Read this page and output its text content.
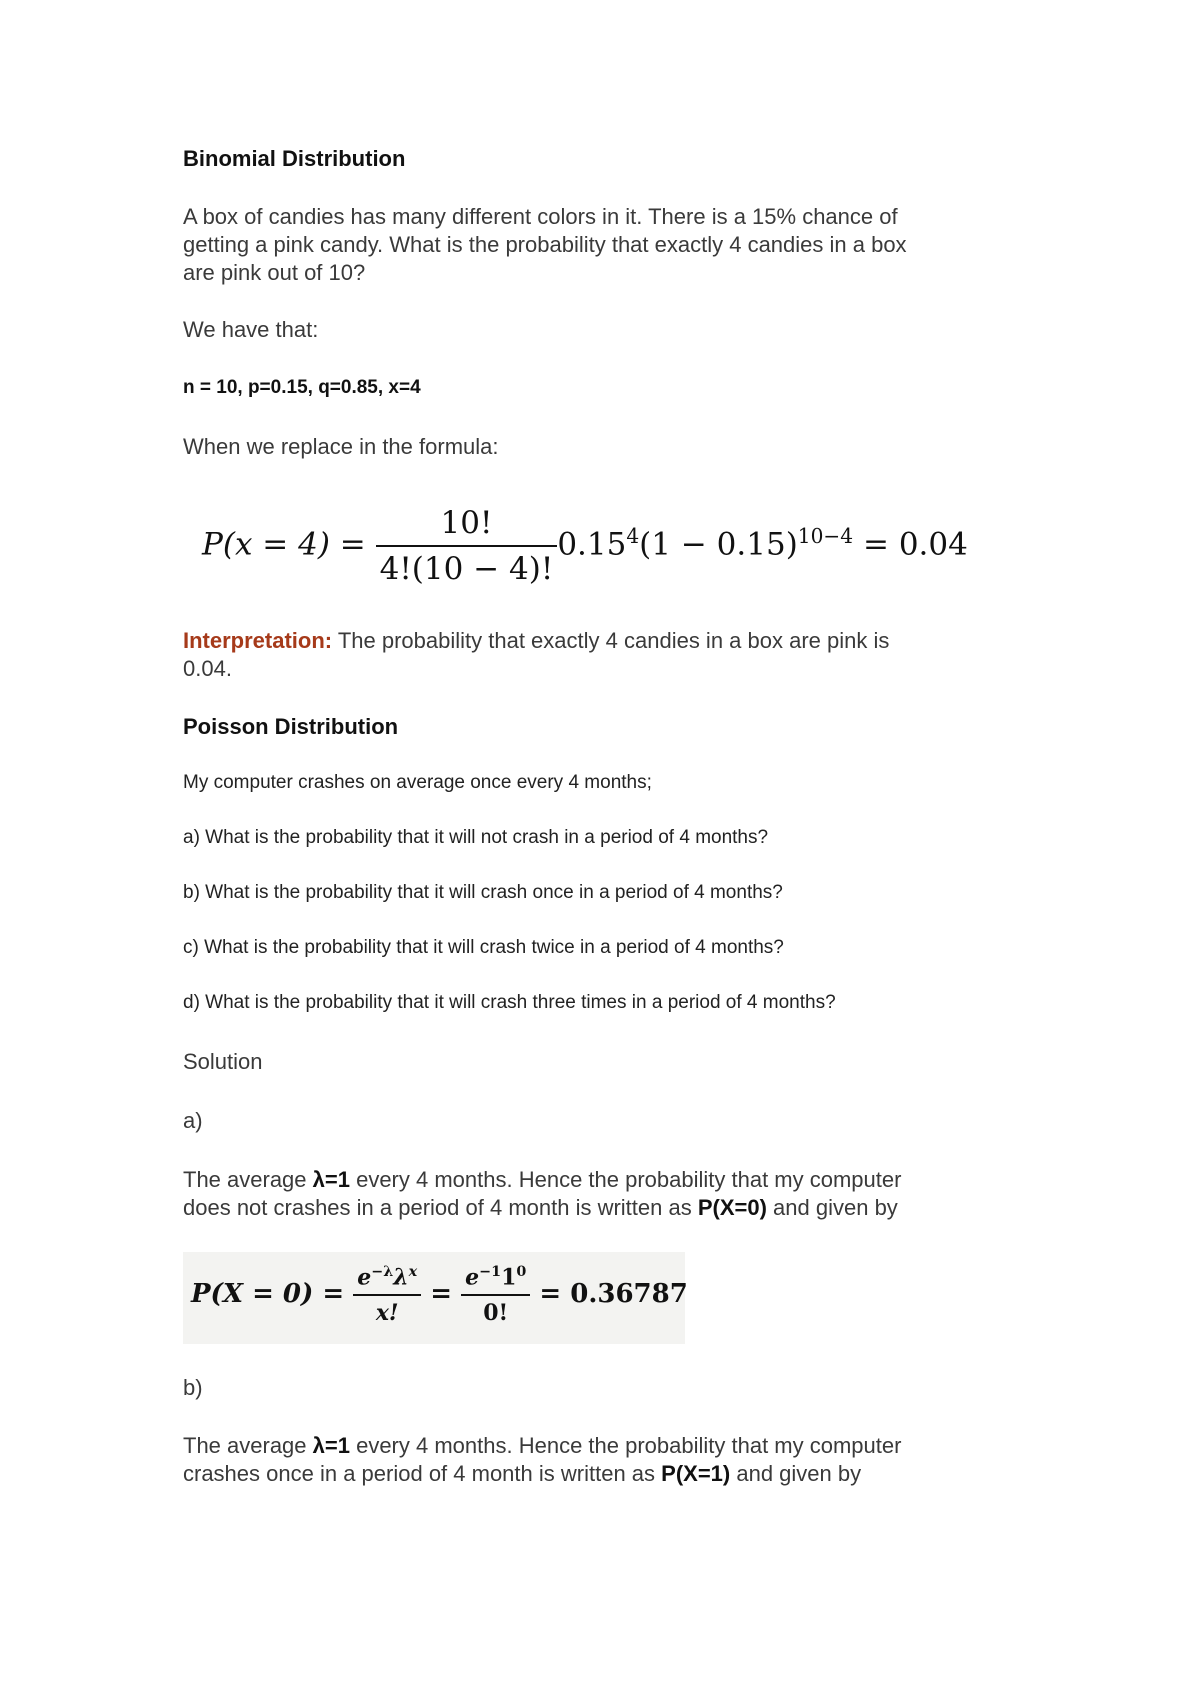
Binomial Distribution
A box of candies has many different colors in it. There is a 15% chance of
getting a pink candy. What is the probability that exactly 4 candies in a box
are pink out of 10?
We have that:
n = 10, p=0.15, q=0.85, x=4
When we replace in the formula:
$P(x = 4) = \frac{10!}{4!(10 - 4)!} 0.15^4(1 - 0.15)^{10-4} = 0.04$
Interpretation: The probability that exactly 4 candies in a box are pink is
0.04.
Poisson Distribution
My computer crashes on average once every 4 months;
a) What is the probability that it will not crash in a period of 4 months?
b) What is the probability that it will crash once in a period of 4 months?
c) What is the probability that it will crash twice in a period of 4 months?
d) What is the probability that it will crash three times in a period of 4 months?
Solution
a)
The average λ=1 every 4 months. Hence the probability that my computer
does not crashes in a period of 4 month is written as P(X=0) and given by
$P(X = 0) = \frac{e^{-\lambda}\lambda^x}{x!} = \frac{e^{-1}1^0}{0!} = 0.36787$
b)
The average λ=1 every 4 months. Hence the probability that my computer
crashes once in a period of 4 month is written as P(X=1) and given by
